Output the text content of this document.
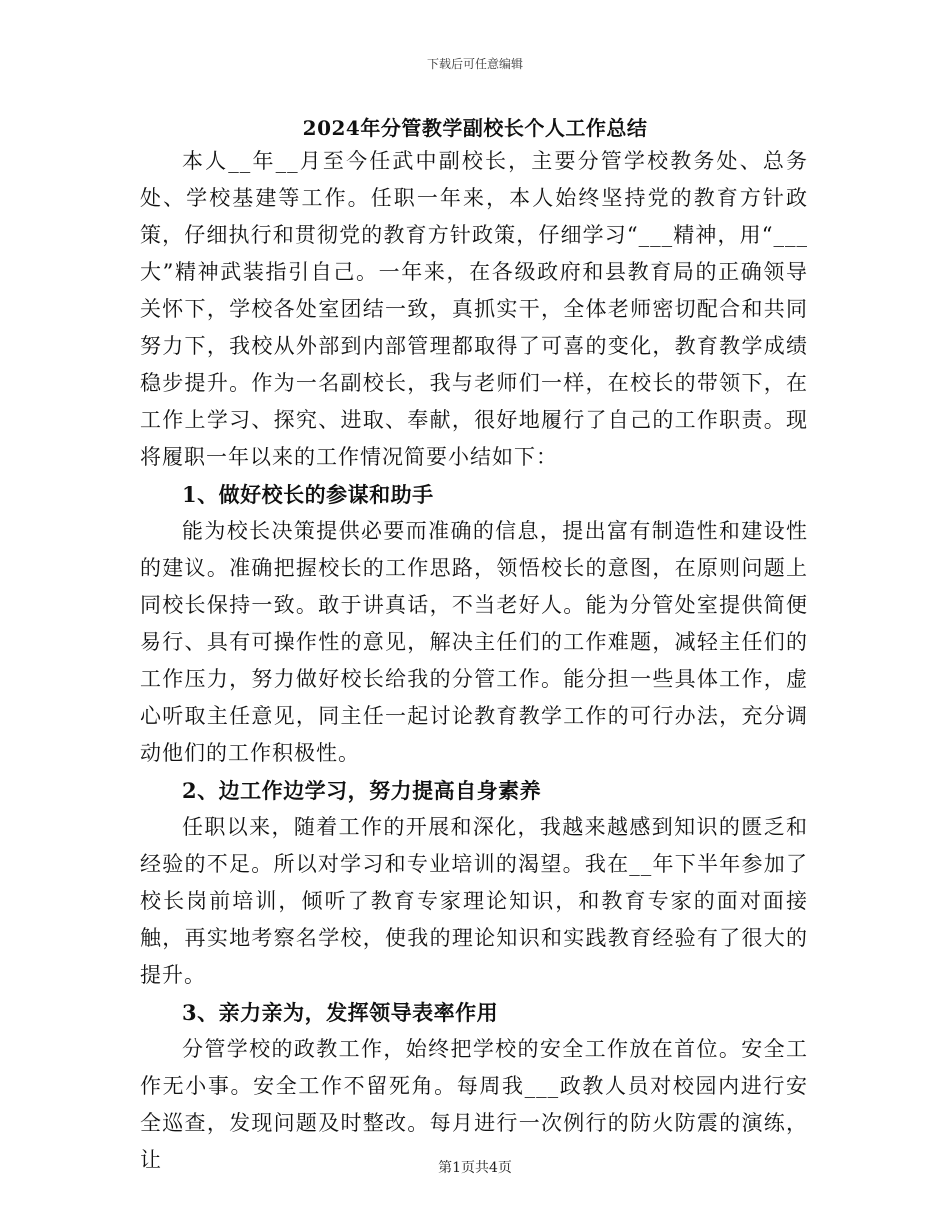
下载后可任意编辑
2024年分管教学副校长个人工作总结

本人__年__月至今任武中副校长，主要分管学校教务处、总务处、学校基建等工作。任职一年来，本人始终坚持党的教育方针政策，仔细执行和贯彻党的教育方针政策，仔细学习“___精神，用“___大”精神武装指引自己。一年来，在各级政府和县教育局的正确领导关怀下，学校各处室团结一致，真抓实干，全体老师密切配合和共同努力下，我校从外部到内部管理都取得了可喜的变化，教育教学成绩稳步提升。作为一名副校长，我与老师们一样，在校长的带领下，在工作上学习、探究、进取、奉献，很好地履行了自己的工作职责。现将履职一年以来的工作情况简要小结如下：

1、做好校长的参谋和助手

能为校长决策提供必要而准确的信息，提出富有制造性和建设性的建议。准确把握校长的工作思路，领悟校长的意图，在原则问题上同校长保持一致。敢于讲真话，不当老好人。能为分管处室提供简便易行、具有可操作性的意见，解决主任们的工作难题，减轻主任们的工作压力，努力做好校长给我的分管工作。能分担一些具体工作，虚心听取主任意见，同主任一起讨论教育教学工作的可行办法，充分调动他们的工作积极性。

2、边工作边学习，努力提高自身素养

任职以来，随着工作的开展和深化，我越来越感到知识的匮乏和经验的不足。所以对学习和专业培训的渴望。我在__年下半年参加了校长岗前培训，倾听了教育专家理论知识，和教育专家的面对面接触，再实地考察名学校，使我的理论知识和实践教育经验有了很大的提升。

3、亲力亲为，发挥领导表率作用

分管学校的政教工作，始终把学校的安全工作放在首位。安全工作无小事。安全工作不留死角。每周我___政教人员对校园内进行安全巡查，发现问题及时整改。每月进行一次例行的防火防震的演练，让	第1页共4页
